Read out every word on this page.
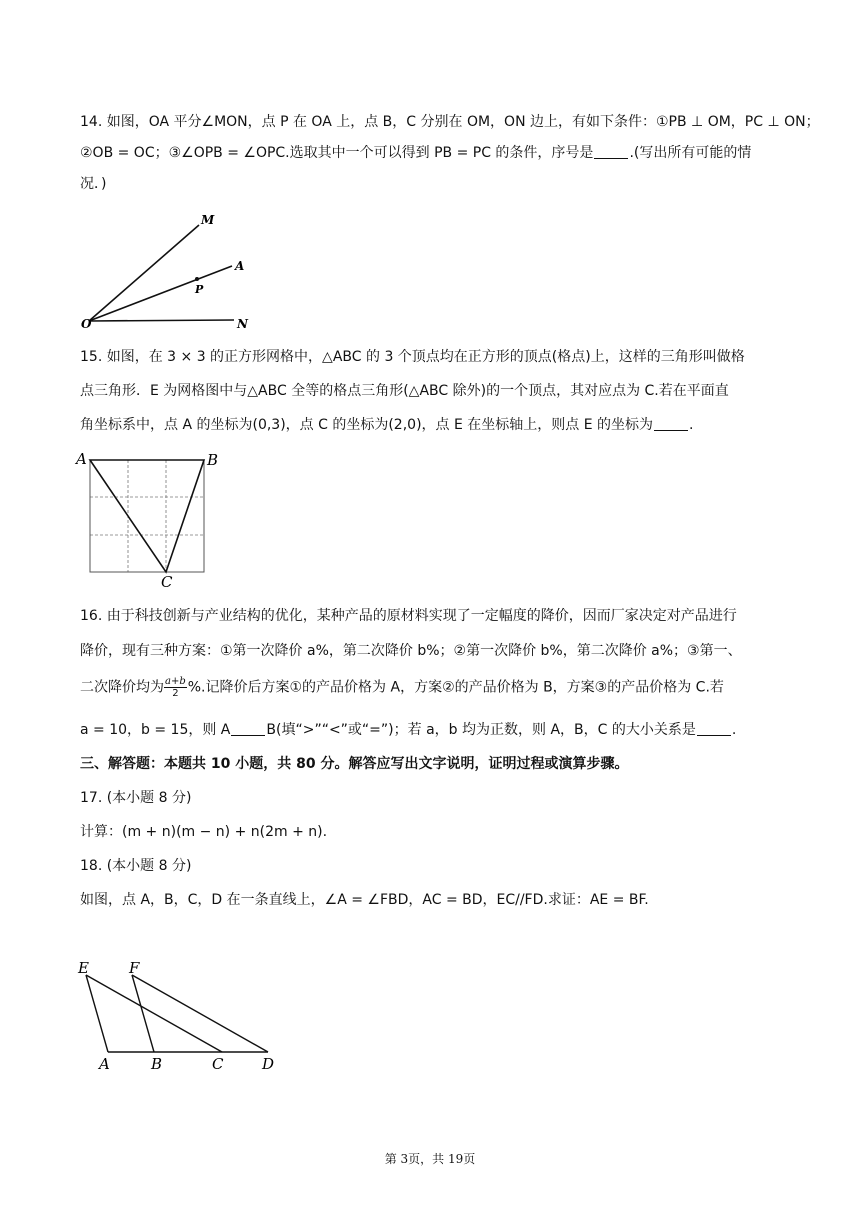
14. 如图，OA 平分∠MON，点 P 在 OA 上，点 B，C 分别在 OM，ON 边上，有如下条件：①PB ⊥ OM，PC ⊥ ON；
②OB = OC；③∠OPB = ∠OPC.选取其中一个可以得到 PB = PC 的条件，序号是	.(写出所有可能的情
况．)
M
A
P
O	N
15. 如图，在 3 × 3 的正方形网格中，△ABC 的 3 个顶点均在正方形的顶点(格点)上，这样的三角形叫做格
点三角形．E 为网格图中与△ABC 全等的格点三角形(△ABC 除外)的一个顶点，其对应点为 C.若在平面直
角坐标系中，点 A 的坐标为(0,3)，点 C 的坐标为(2,0)，点 E 在坐标轴上，则点 E 的坐标为	.
A	B
C
16. 由于科技创新与产业结构的优化，某种产品的原材料实现了一定幅度的降价，因而厂家决定对产品进行
降价，现有三种方案：①第一次降价 a%，第二次降价 b%；②第一次降价 b%，第二次降价 a%；③第一、
二次降价均为 $\frac{a+b}{2}$ %.记降价后方案①的产品价格为 A，方案②的产品价格为 B，方案③的产品价格为 C.若
a = 10，b = 15，则 A	B(填“>”“<”或“=”)；若 a，b 均为正数，则 A，B，C 的大小关系是	.
三、解答题：本题共 10 小题，共 80 分。解答应写出文字说明，证明过程或演算步骤。
17. (本小题 8 分)
计算：(m + n)(m − n) + n(2m + n).
18. (本小题 8 分)
如图，点 A，B，C，D 在一条直线上，∠A = ∠FBD，AC = BD，EC//FD.求证：AE = BF.
E	F
A	B	C	D
第 3页，共 19页
